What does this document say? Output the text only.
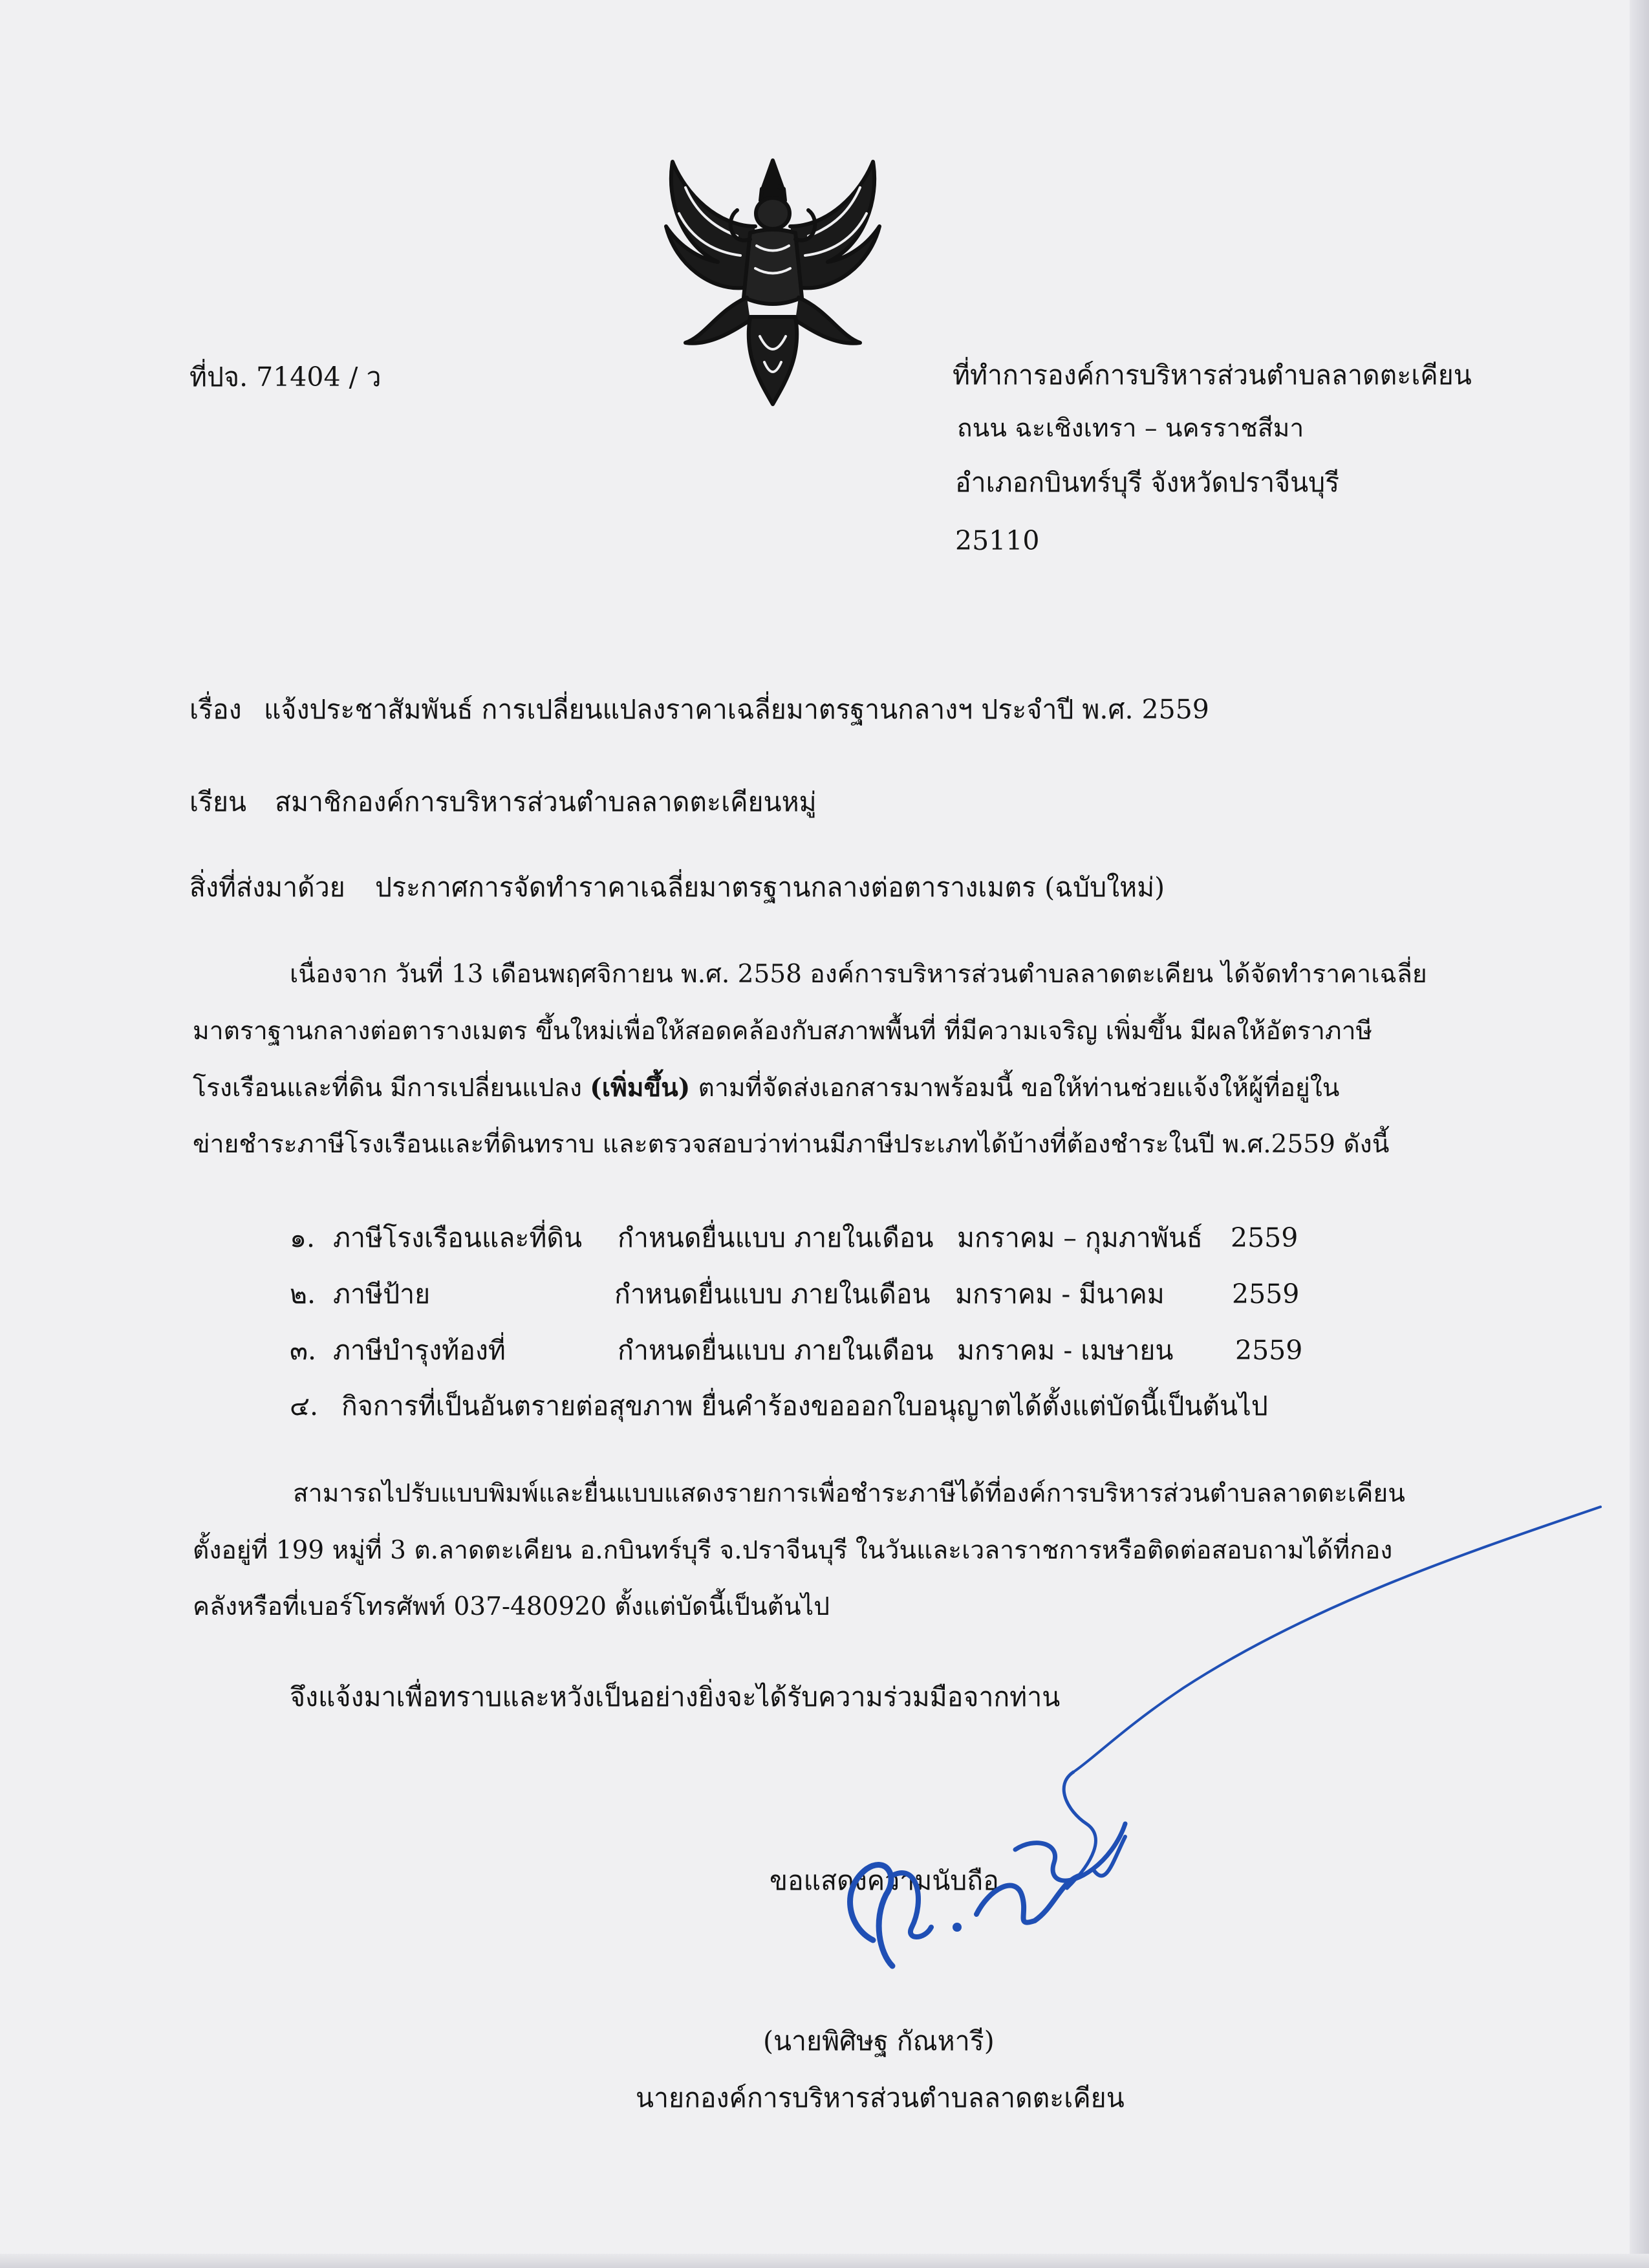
ที่ปจ. 71404 / ว	ที่ทำการองค์การบริหารส่วนตำบลลาดตะเคียน
ถนน ฉะเชิงเทรา – นครราชสีมา
อำเภอกบินทร์บุรี จังหวัดปราจีนบุรี
25110
เรื่อง แจ้งประชาสัมพันธ์ การเปลี่ยนแปลงราคาเฉลี่ยมาตรฐานกลางฯ ประจำปี พ.ศ. 2559
เรียน สมาชิกองค์การบริหารส่วนตำบลลาดตะเคียนหมู่
สิ่งที่ส่งมาด้วย ประกาศการจัดทำราคาเฉลี่ยมาตรฐานกลางต่อตารางเมตร (ฉบับใหม่)
เนื่องจาก วันที่ 13 เดือนพฤศจิกายน พ.ศ. 2558 องค์การบริหารส่วนตำบลลาดตะเคียน ได้จัดทำราคาเฉลี่ย
มาตราฐานกลางต่อตารางเมตร ขึ้นใหม่เพื่อให้สอดคล้องกับสภาพพื้นที่ ที่มีความเจริญ เพิ่มขึ้น มีผลให้อัตราภาษี
โรงเรือนและที่ดิน มีการเปลี่ยนแปลง (เพิ่มขึ้น) ตามที่จัดส่งเอกสารมาพร้อมนี้ ขอให้ท่านช่วยแจ้งให้ผู้ที่อยู่ใน
ข่ายชำระภาษีโรงเรือนและที่ดินทราบ และตรวจสอบว่าท่านมีภาษีประเภทได้บ้างที่ต้องชำระในปี พ.ศ.2559 ดังนี้
๑. ภาษีโรงเรือนและที่ดิน กำหนดยื่นแบบ ภายในเดือน มกราคม – กุมภาพันธ์ 2559
๒. ภาษีป้าย	กำหนดยื่นแบบ ภายในเดือน มกราคม - มีนาคม	2559
๓. ภาษีบำรุงท้องที่	กำหนดยื่นแบบ ภายในเดือน มกราคม - เมษายน 2559
๔. กิจการที่เป็นอันตรายต่อสุขภาพ ยื่นคำร้องขอออกใบอนุญาตได้ตั้งแต่บัดนี้เป็นต้นไป
สามารถไปรับแบบพิมพ์และยื่นแบบแสดงรายการเพื่อชำระภาษีได้ที่องค์การบริหารส่วนตำบลลาดตะเคียน
ตั้งอยู่ที่ 199 หมู่ที่ 3 ต.ลาดตะเคียน อ.กบินทร์บุรี จ.ปราจีนบุรี ในวันและเวลาราชการหรือติดต่อสอบถามได้ที่กอง
คลังหรือที่เบอร์โทรศัพท์ 037-480920 ตั้งแต่บัดนี้เป็นต้นไป
จึงแจ้งมาเพื่อทราบและหวังเป็นอย่างยิ่งจะได้รับความร่วมมือจากท่าน
ขอแสดงความนับถือ
(นายพิศิษฐ กัณหารี)
นายกองค์การบริหารส่วนตำบลลาดตะเคียน
